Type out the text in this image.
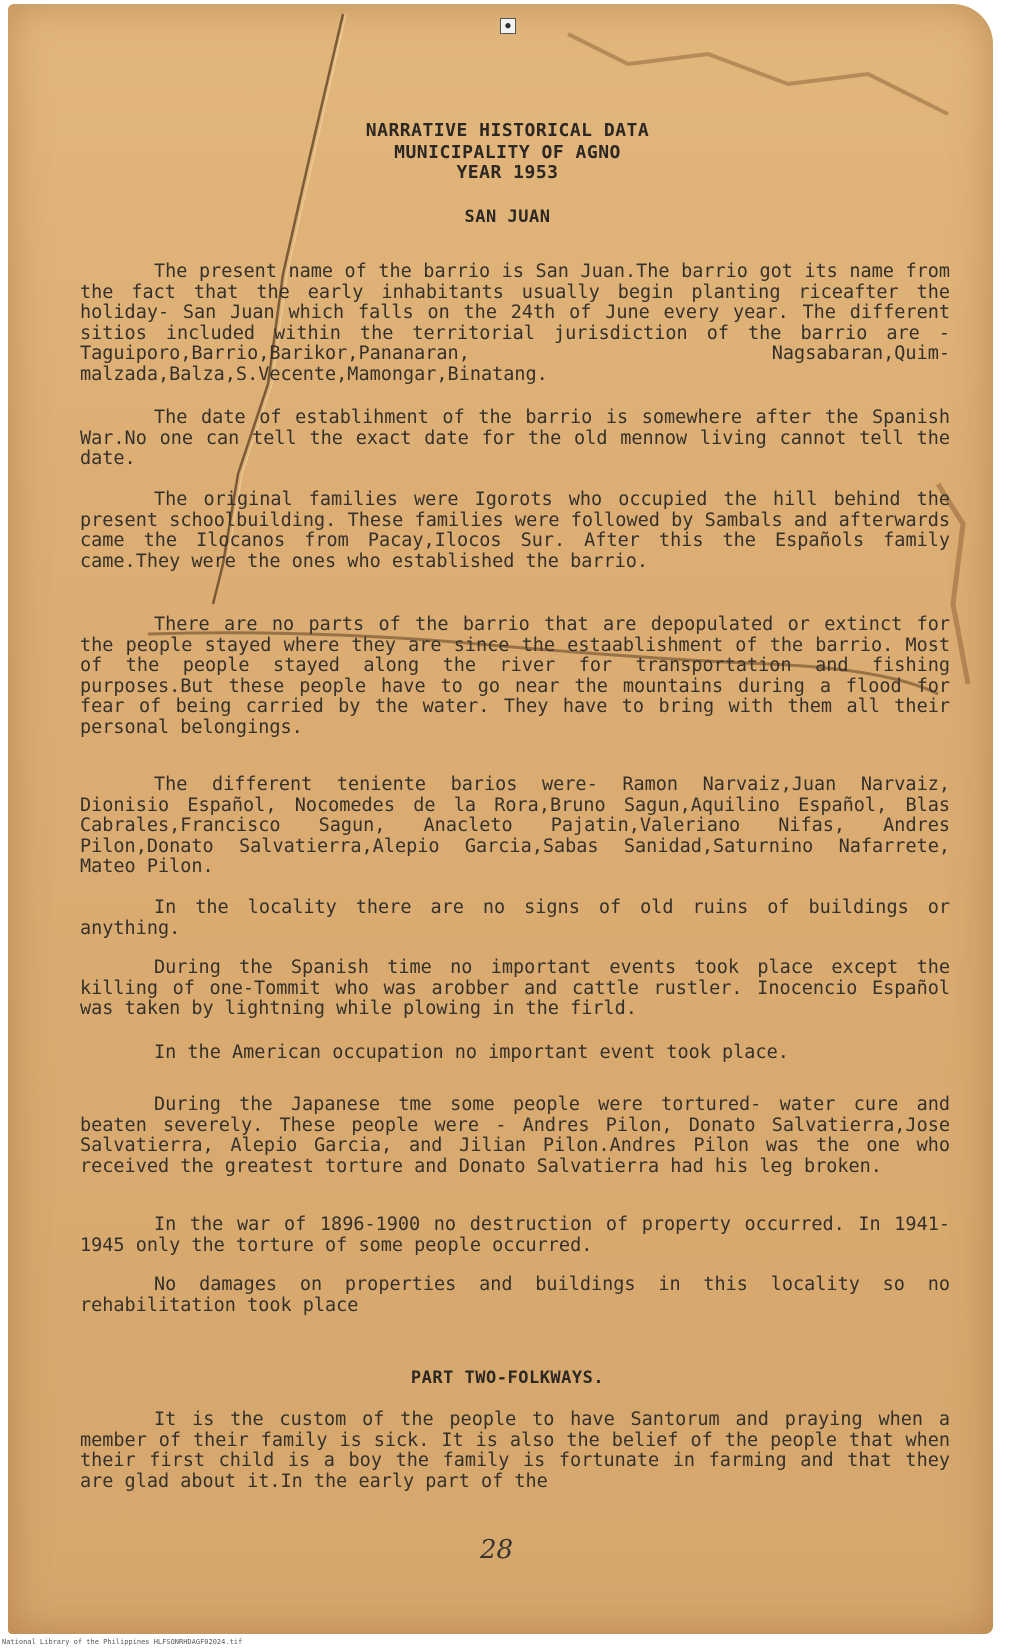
●
NARRATIVE HISTORICAL DATA
MUNICIPALITY OF AGNO
YEAR 1953
SAN JUAN

The present name of the barrio is San Juan.The barrio got its name from the fact that the early inhabitants usually begin planting riceafter the holiday- San Juan which falls on the 24th of June every year. The different sitios included within the territorial jurisdiction of the barrio are - Taguiporo,Barrio,Barikor,Pananaran, Nagsabaran,Quim-malzada,Balza,S.Vecente,Mamongar,Binatang.

The date of establihment of the barrio is somewhere after the Spanish War.No one can tell the exact date for the old mennow living cannot tell the date.

The original families were Igorots who occupied the hill behind the present schoolbuilding. These families were followed by Sambals and afterwards came the Ilocanos from Pacay,Ilocos Sur. After this the Españols family came.They were the ones who established the barrio.

There are no parts of the barrio that are depopulated or extinct for the people stayed where they are since the estaablishment of the barrio. Most of the people stayed along the river for transportation and fishing purposes.But these people have to go near the mountains during a flood for fear of being carried by the water. They have to bring with them all their personal belongings.

The different teniente barios were- Ramon Narvaiz,Juan Narvaiz, Dionisio Español, Nocomedes de la Rora,Bruno Sagun,Aquilino Español, Blas Cabrales,Francisco Sagun, Anacleto Pajatin,Valeriano Nifas, Andres Pilon,Donato Salvatierra,Alepio Garcia,Sabas Sanidad,Saturnino Nafarrete, Mateo Pilon.

In the locality there are no signs of old ruins of buildings or anything.

During the Spanish time no important events took place except the killing of one-Tommit who was arobber and cattle rustler. Inocencio Español was taken by lightning while plowing in the firld.

In the American occupation no important event took place.

During the Japanese tme some people were tortured- water cure and beaten severely. These people were - Andres Pilon, Donato Salvatierra,Jose Salvatierra, Alepio Garcia, and Jilian Pilon.Andres Pilon was the one who received the greatest torture and Donato Salvatierra had his leg broken.

In the war of 1896-1900 no destruction of property occurred. In 1941-1945 only the torture of some people occurred.

No damages on properties and buildings in this locality so no rehabilitation took place

PART TWO-FOLKWAYS.

It is the custom of the people to have Santorum and praying when a member of their family is sick. It is also the belief of the people that when their first child is a boy the family is fortunate in farming and that they are glad about it.In the early part of the

28

National Library of the Philippines HLFSONRHDAGF02024.tif
